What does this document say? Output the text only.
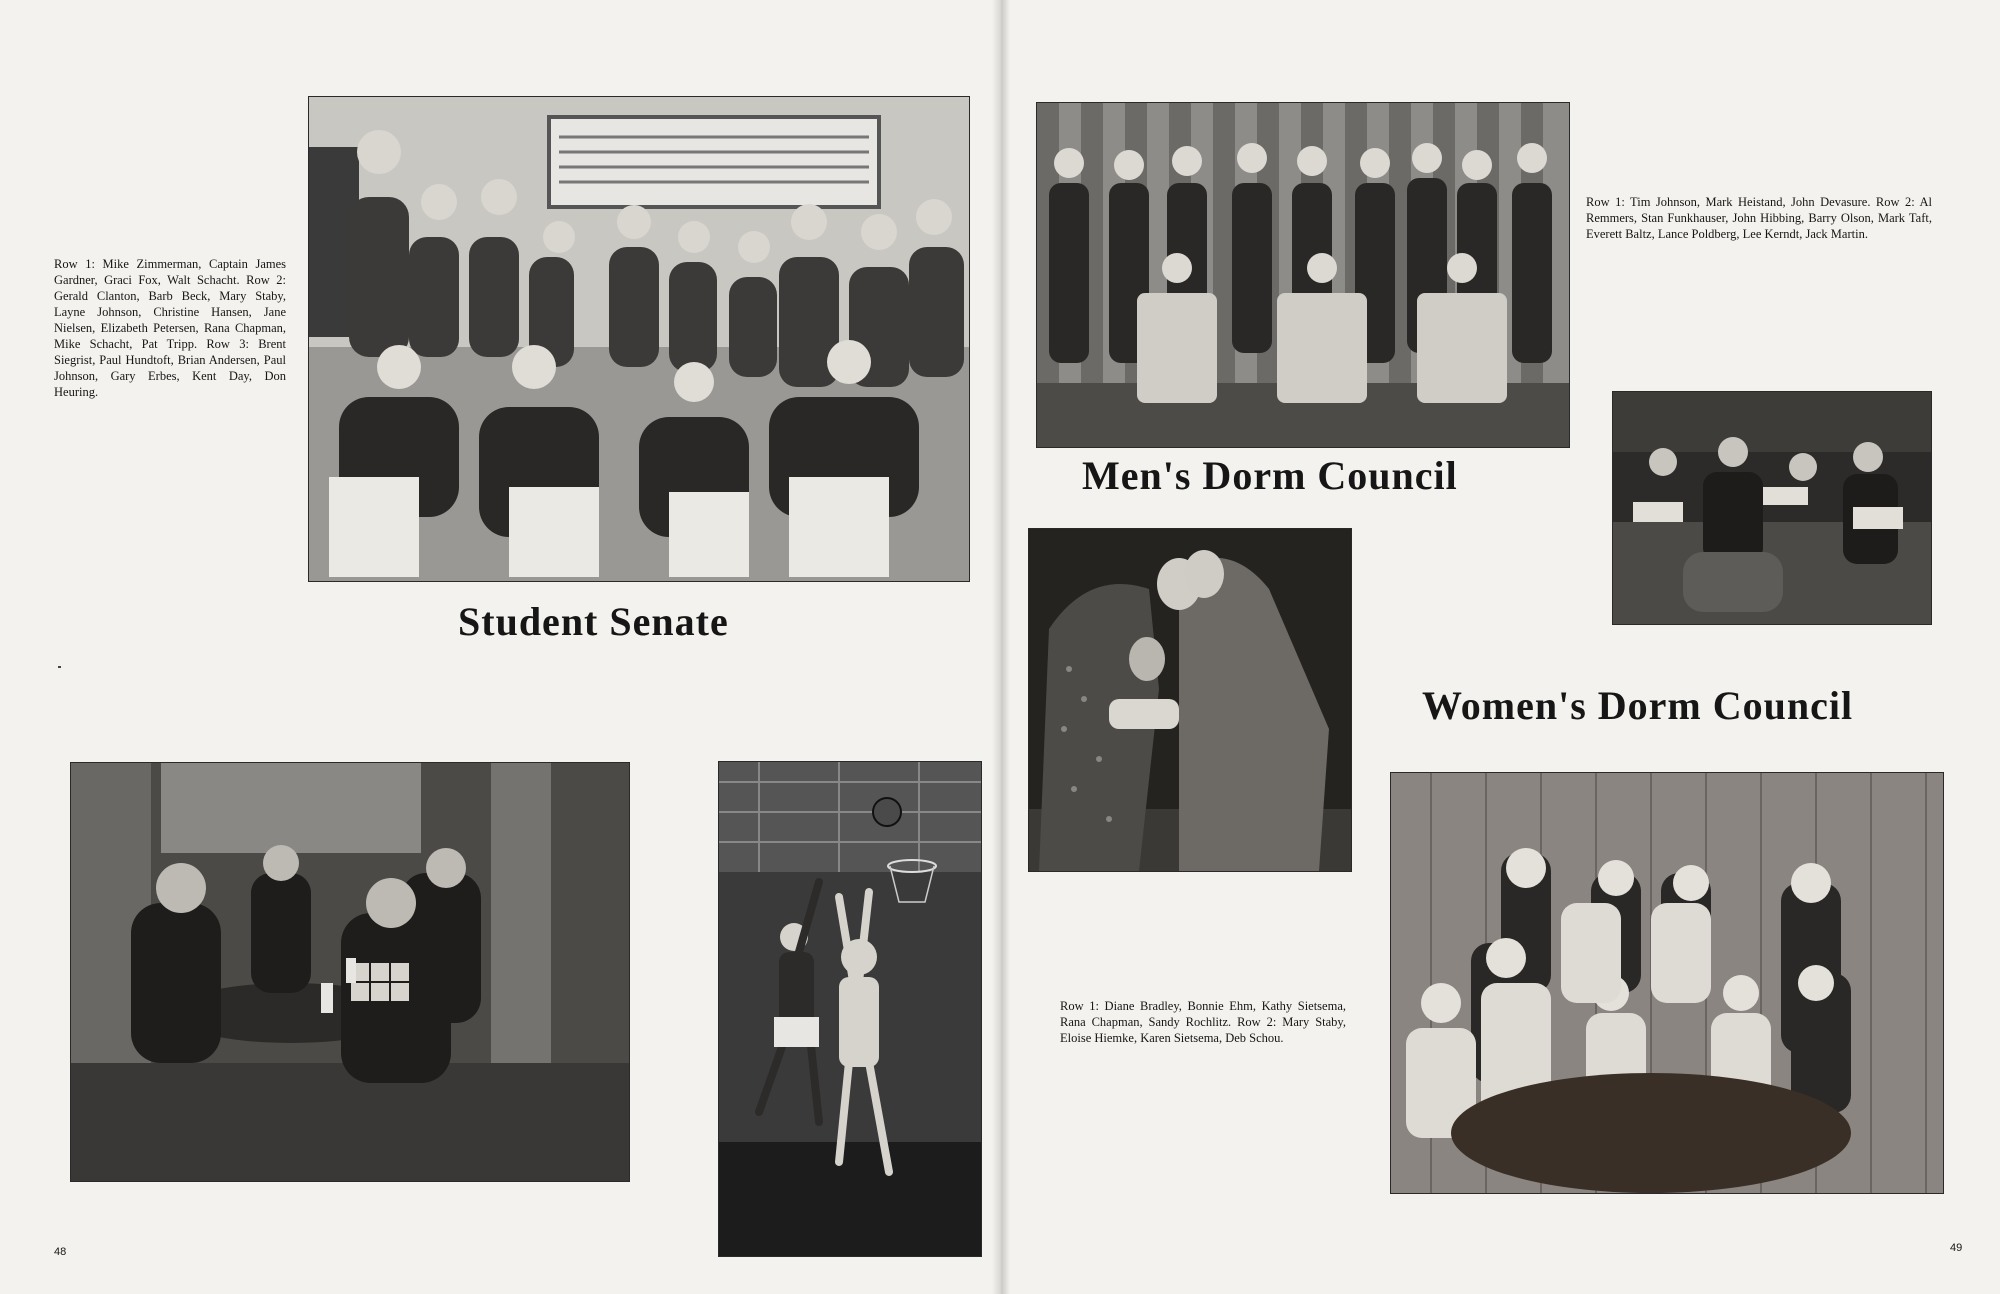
Row 1: Mike Zimmerman, Captain James Gardner, Graci Fox, Walt Schacht. Row 2: Gerald Clanton, Barb Beck, Mary Staby, Layne Johnson, Christine Hansen, Jane Nielsen, Elizabeth Petersen, Rana Chapman, Mike Schacht, Pat Tripp. Row 3: Brent Siegrist, Paul Hundtoft, Brian Andersen, Paul Johnson, Gary Erbes, Kent Day, Don Heuring.
Student Senate
48
Row 1: Tim Johnson, Mark Heistand, John Devasure. Row 2: Al Remmers, Stan Funkhauser, John Hibbing, Barry Olson, Mark Taft, Everett Baltz, Lance Poldberg, Lee Kerndt, Jack Martin.
Men's Dorm Council
Women's Dorm Council
Row 1: Diane Bradley, Bonnie Ehm, Kathy Sietsema, Rana Chapman, Sandy Rochlitz. Row 2: Mary Staby, Eloise Hiemke, Karen Sietsema, Deb Schou.
49
